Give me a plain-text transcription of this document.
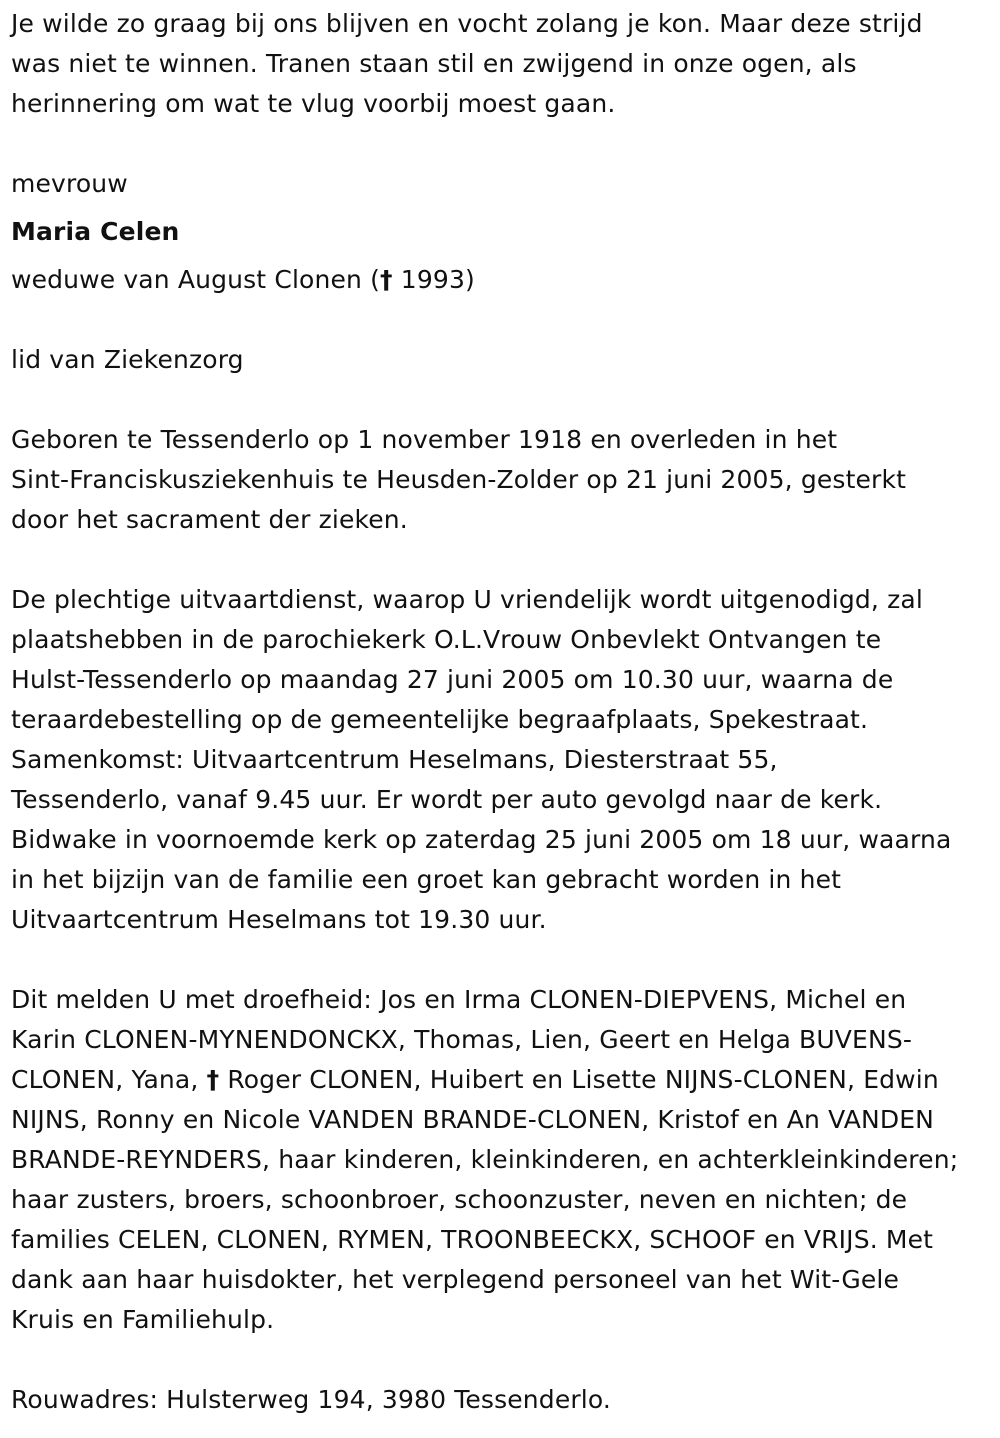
Je wilde zo graag bij ons blijven en vocht zolang je kon. Maar deze strijd

was niet te winnen. Tranen staan stil en zwijgend in onze ogen, als

herinnering om wat te vlug voorbij moest gaan.

mevrouw

Maria Celen

weduwe van August Clonen († 1993)

lid van Ziekenzorg

Geboren te Tessenderlo op 1 november 1918 en overleden in het

Sint-Franciskusziekenhuis te Heusden-Zolder op 21 juni 2005, gesterkt

door het sacrament der zieken.

De plechtige uitvaartdienst, waarop U vriendelijk wordt uitgenodigd, zal

plaatshebben in de parochiekerk O.L.Vrouw Onbevlekt Ontvangen te

Hulst-Tessenderlo op maandag 27 juni 2005 om 10.30 uur, waarna de

teraardebestelling op de gemeentelijke begraafplaats, Spekestraat.

Samenkomst: Uitvaartcentrum Heselmans, Diesterstraat 55,

Tessenderlo, vanaf 9.45 uur. Er wordt per auto gevolgd naar de kerk.

Bidwake in voornoemde kerk op zaterdag 25 juni 2005 om 18 uur, waarna

in het bijzijn van de familie een groet kan gebracht worden in het

Uitvaartcentrum Heselmans tot 19.30 uur.

Dit melden U met droefheid: Jos en Irma CLONEN-DIEPVENS, Michel en

Karin CLONEN-MYNENDONCKX, Thomas, Lien, Geert en Helga BUVENS-

CLONEN, Yana, † Roger CLONEN, Huibert en Lisette NIJNS-CLONEN, Edwin

NIJNS, Ronny en Nicole VANDEN BRANDE-CLONEN, Kristof en An VANDEN

BRANDE-REYNDERS, haar kinderen, kleinkinderen, en achterkleinkinderen;

haar zusters, broers, schoonbroer, schoonzuster, neven en nichten; de

families CELEN, CLONEN, RYMEN, TROONBEECKX, SCHOOF en VRIJS. Met

dank aan haar huisdokter, het verplegend personeel van het Wit-Gele

Kruis en Familiehulp.

Rouwadres: Hulsterweg 194, 3980 Tessenderlo.
